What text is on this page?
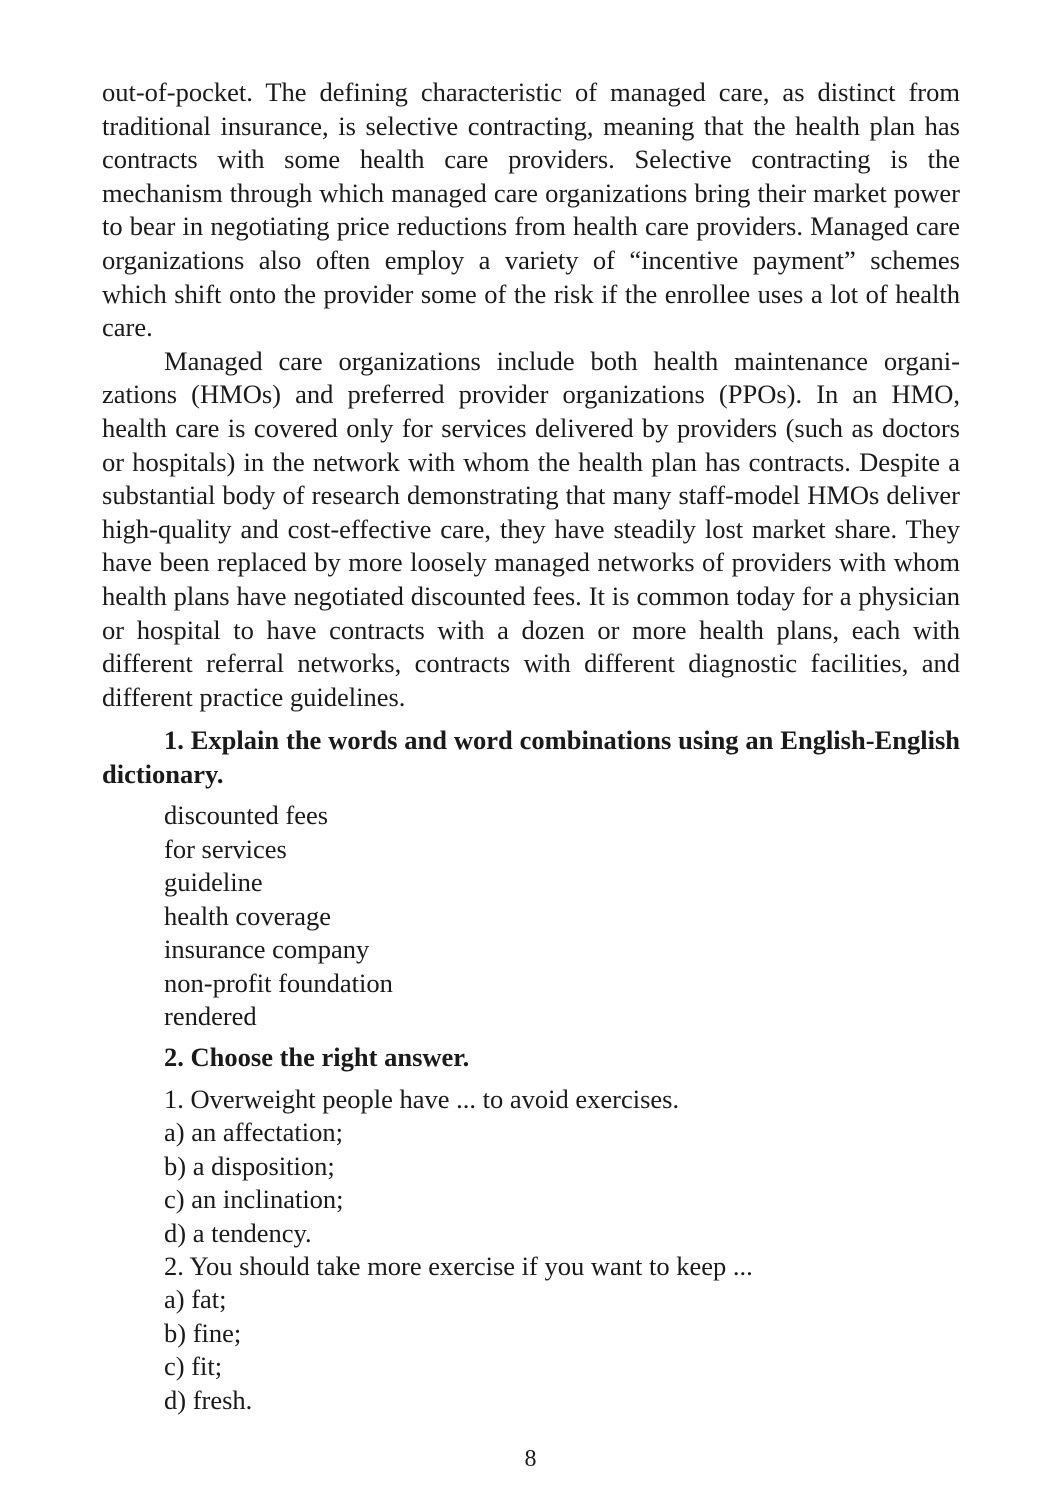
out-of-pocket. The defining characteristic of managed care, as distinct from traditional insurance, is selective contracting, meaning that the health plan has contracts with some health care providers. Selective contracting is the mechanism through which managed care organizations bring their market power to bear in negotiating price reductions from health care providers. Managed care organizations also often employ a variety of “incentive payment” schemes which shift onto the provider some of the risk if the enrollee uses a lot of health care.

Managed care organizations include both health maintenance organizations (HMOs) and preferred provider organizations (PPOs). In an HMO, health care is covered only for services delivered by providers (such as doctors or hospitals) in the network with whom the health plan has contracts. Despite a substantial body of research demonstrating that many staff-model HMOs deliver high-quality and cost-effective care, they have steadily lost market share. They have been replaced by more loosely managed networks of providers with whom health plans have negotiated discounted fees. It is common today for a physician or hospital to have contracts with a dozen or more health plans, each with different referral networks, contracts with different diagnostic facilities, and different practice guidelines.

1. Explain the words and word combinations using an English-English dictionary.

discounted fees
for services
guideline
health coverage
insurance company
non-profit foundation
rendered

2. Choose the right answer.

1. Overweight people have ... to avoid exercises.
a) an affectation;
b) a disposition;
c) an inclination;
d) a tendency.
2. You should take more exercise if you want to keep ...
a) fat;
b) fine;
c) fit;
d) fresh.
8
